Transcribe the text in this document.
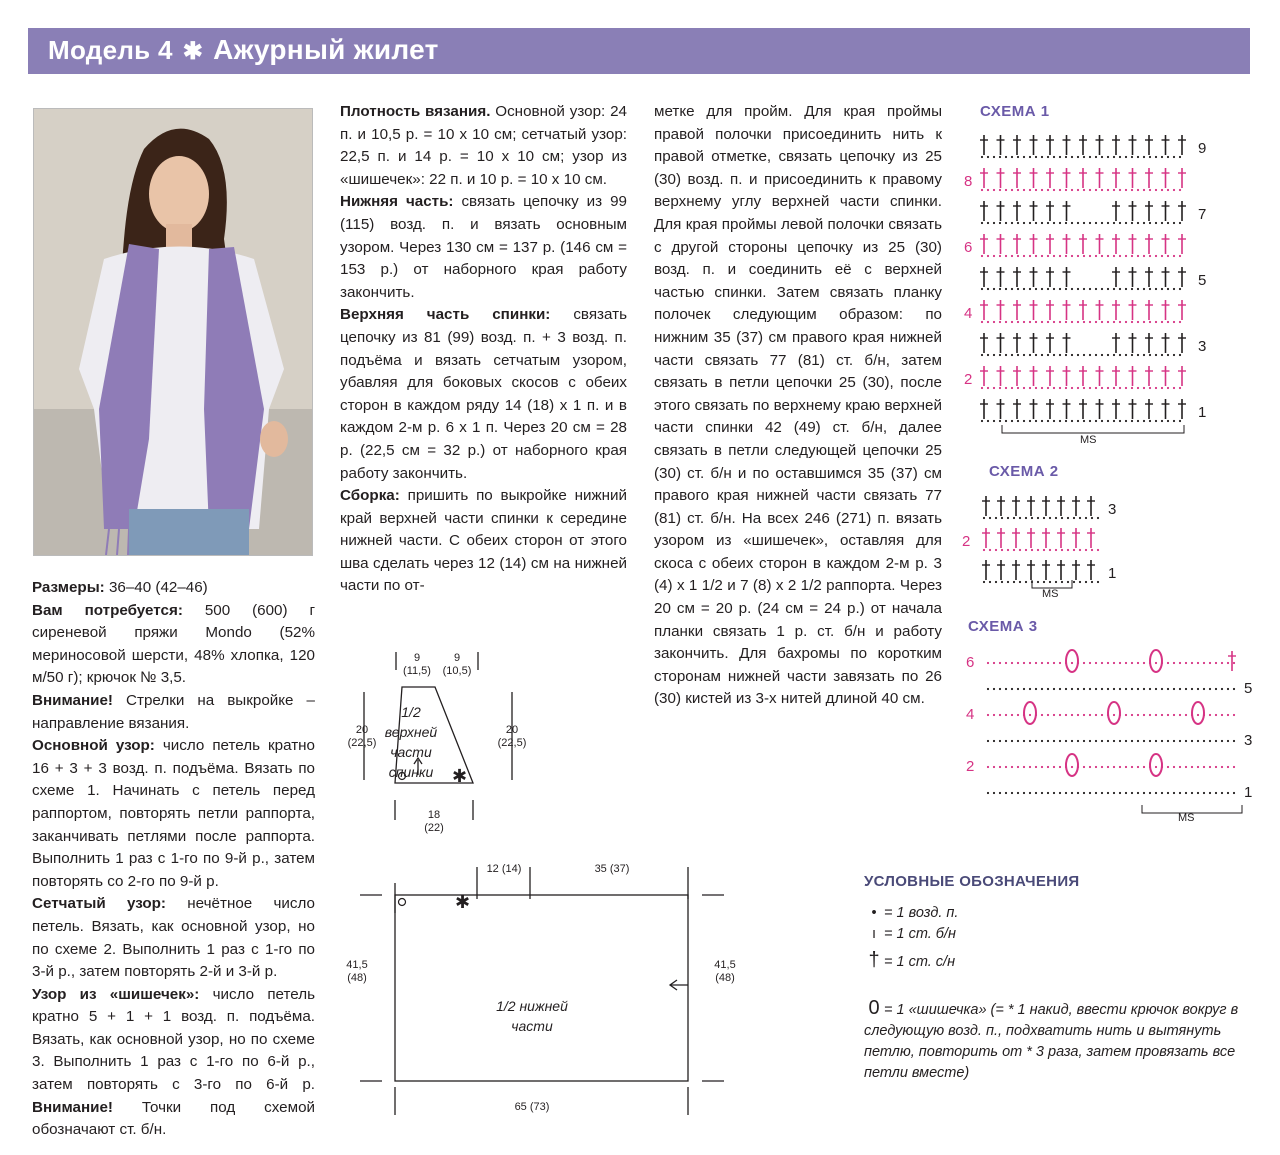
Модель 4 ✱ Ажурный жилет

Размеры: 36–40 (42–46)

Вам потребуется: 500 (600) г сиреневой пряжи Mondo (52% мериносовой шерсти, 48% хлопка, 120 м/50 г); крючок № 3,5.

Внимание! Стрелки на выкройке – направление вязания.

Основной узор: число петель кратно 16 + 3 + 3 возд. п. подъёма. Вязать по схеме 1. Начинать с петель перед раппортом, повторять петли раппорта, заканчивать петлями после раппорта. Выполнить 1 раз с 1-го по 9-й р., затем повторять со 2-го по 9-й р.

Сетчатый узор: нечётное число петель. Вязать, как основной узор, но по схеме 2. Выполнить 1 раз с 1-го по 3-й р., затем повторять 2-й и 3-й р.

Узор из «шишечек»: число петель кратно 5 + 1 + 1 возд. п. подъёма. Вязать, как основной узор, но по схеме 3. Выполнить 1 раз с 1-го по 6-й р., затем повторять с 3-го по 6-й р. Внимание! Точки под схемой обозначают ст. б/н.

Плотность вязания. Основной узор: 24 п. и 10,5 р. = 10 х 10 см; сетчатый узор: 22,5 п. и 14 р. = 10 х 10 см; узор из «шишечек»: 22 п. и 10 р. = 10 х 10 см.

Нижняя часть: связать цепочку из 99 (115) возд. п. и вязать основным узором. Через 130 см = 137 р. (146 см = 153 р.) от наборного края работу закончить.

Верхняя часть спинки: связать цепочку из 81 (99) возд. п. + 3 возд. п. подъёма и вязать сетчатым узором, убавляя для боковых скосов с обеих сторон в каждом ряду 14 (18) х 1 п. и в каждом 2-м р. 6 х 1 п. Через 20 см = 28 р. (22,5 см = 32 р.) от наборного края работу закончить.

Сборка: пришить по выкройке нижний край верхней части спинки к середине нижней части. С обеих сторон от этого шва сделать через 12 (14) см на нижней части по от-

метке для пройм. Для края проймы правой полочки присоединить нить к правой отметке, связать цепочку из 25 (30) возд. п. и присоединить к правому верхнему углу верхней части спинки. Для края проймы левой полочки связать с другой стороны цепочку из 25 (30) возд. п. и соединить её с верхней частью спинки. Затем связать планку полочек следующим образом: по нижним 35 (37) см правого края нижней части связать 77 (81) ст. б/н, затем связать в петли цепочки 25 (30), после этого связать по верхнему краю верхней части спинки 42 (49) ст. б/н, далее связать в петли следующей цепочки 25 (30) ст. б/н и по оставшимся 35 (37) см правого края нижней части связать 77 (81) ст. б/н. На всех 246 (271) п. вязать узором из «шишечек», оставляя для скоса с обеих сторон в каждом 2-м р. 3 (4) х 1 1/2 и 7 (8) х 2 1/2 раппорта. Через 20 см = 20 р. (24 см = 24 р.) от начала планки связать 1 р. ст. б/н и работу закончить. Для бахромы по коротким сторонам нижней части завязать по 26 (30) кистей из 3-х нитей длиной 40 см.

9
(11,5)
9
(10,5)
20
(22,5)
20
(22,5)
18
(22)
1/2 верхней части спинки	✱
12 (14)	35 (37)
41,5
(48)
41,5
(48)
65 (73)
1/2 нижней части
✱
СХЕМА 1
9
8
7
6
5
4
3
2
1
MS
СХЕМА 2
3
2
1
MS
СХЕМА 3
6
5
4
3
2
1
MS
УСЛОВНЫЕ ОБОЗНАЧЕНИЯ
• = 1 возд. п.
ı = 1 ст. б/н
† = 1 ст. с/н
0 = 1 «шишечка» (= * 1 накид, ввести крючок вокруг в следующую возд. п., подхватить нить и вытянуть петлю, повторить от * 3 раза, затем провязать все петли вместе)
